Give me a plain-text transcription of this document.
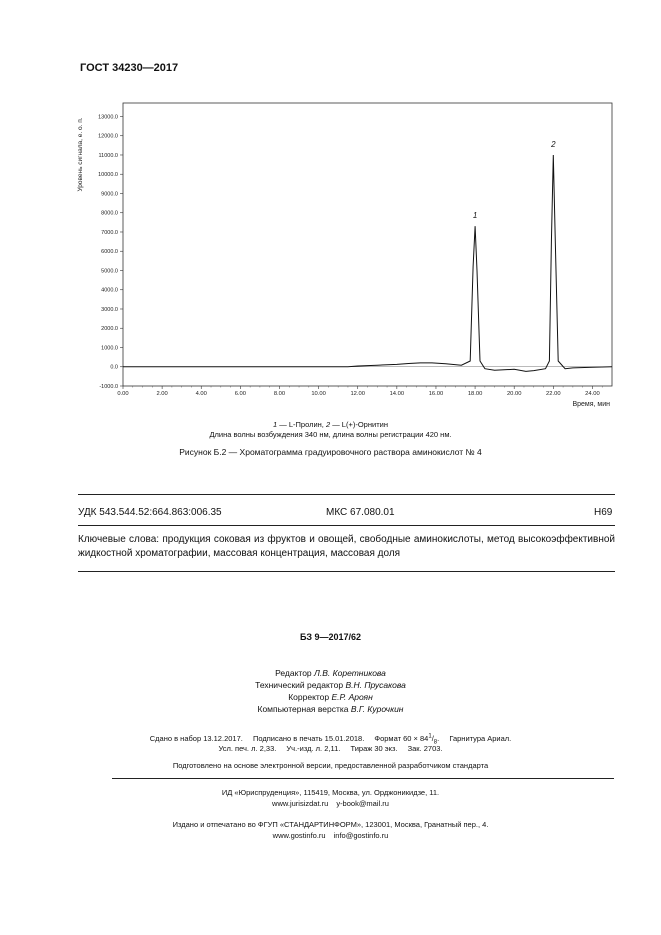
ГОСТ 34230—2017
-1000.0
0.0
1000.0
2000.0
3000.0
4000.0
5000.0
6000.0
7000.0
8000.0
9000.0
10000.0
11000.0
12000.0
13000.0
0.00	2.00	4.00	6.00	8.00	10.00	12.00	14.00	16.00	18.00	20.00	22.00	24.00
1
2
Уровень сигнала, е. о. п.
Время, мин
1 — L-Пролин, 2 — L(+)-Орнитин
Длина волны возбуждения 340 нм, длина волны регистрации 420 нм.
Рисунок Б.2 — Хроматограмма градуировочного раствора аминокислот № 4
УДК 543.544.52:664.863:006.35	МКС 67.080.01	Н69
Ключевые слова: продукция соковая из фруктов и овощей, свободные аминокислоты, метод высокоэффективной жидкостной хроматографии, массовая концентрация, массовая доля
БЗ 9—2017/62
Редактор Л.В. Коретникова
Технический редактор В.Н. Прусакова
Корректор Е.Р. Ароян
Компьютерная верстка В.Г. Курочкин
Сдано в набор 13.12.2017. Подписано в печать 15.01.2018. Формат $60 \times 84^1/_8$. Гарнитура Ариал.
Усл. печ. л. 2,33. Уч.-изд. л. 2,11. Тираж 30 экз. Зак. 2703.
Подготовлено на основе электронной версии, предоставленной разработчиком стандарта
ИД «Юриспруденция», 115419, Москва, ул. Орджоникидзе, 11.
www.jurisizdat.ru y-book@mail.ru
Издано и отпечатано во ФГУП «СТАНДАРТИНФОРМ», 123001, Москва, Гранатный пер., 4.
www.gostinfo.ru info@gostinfo.ru
